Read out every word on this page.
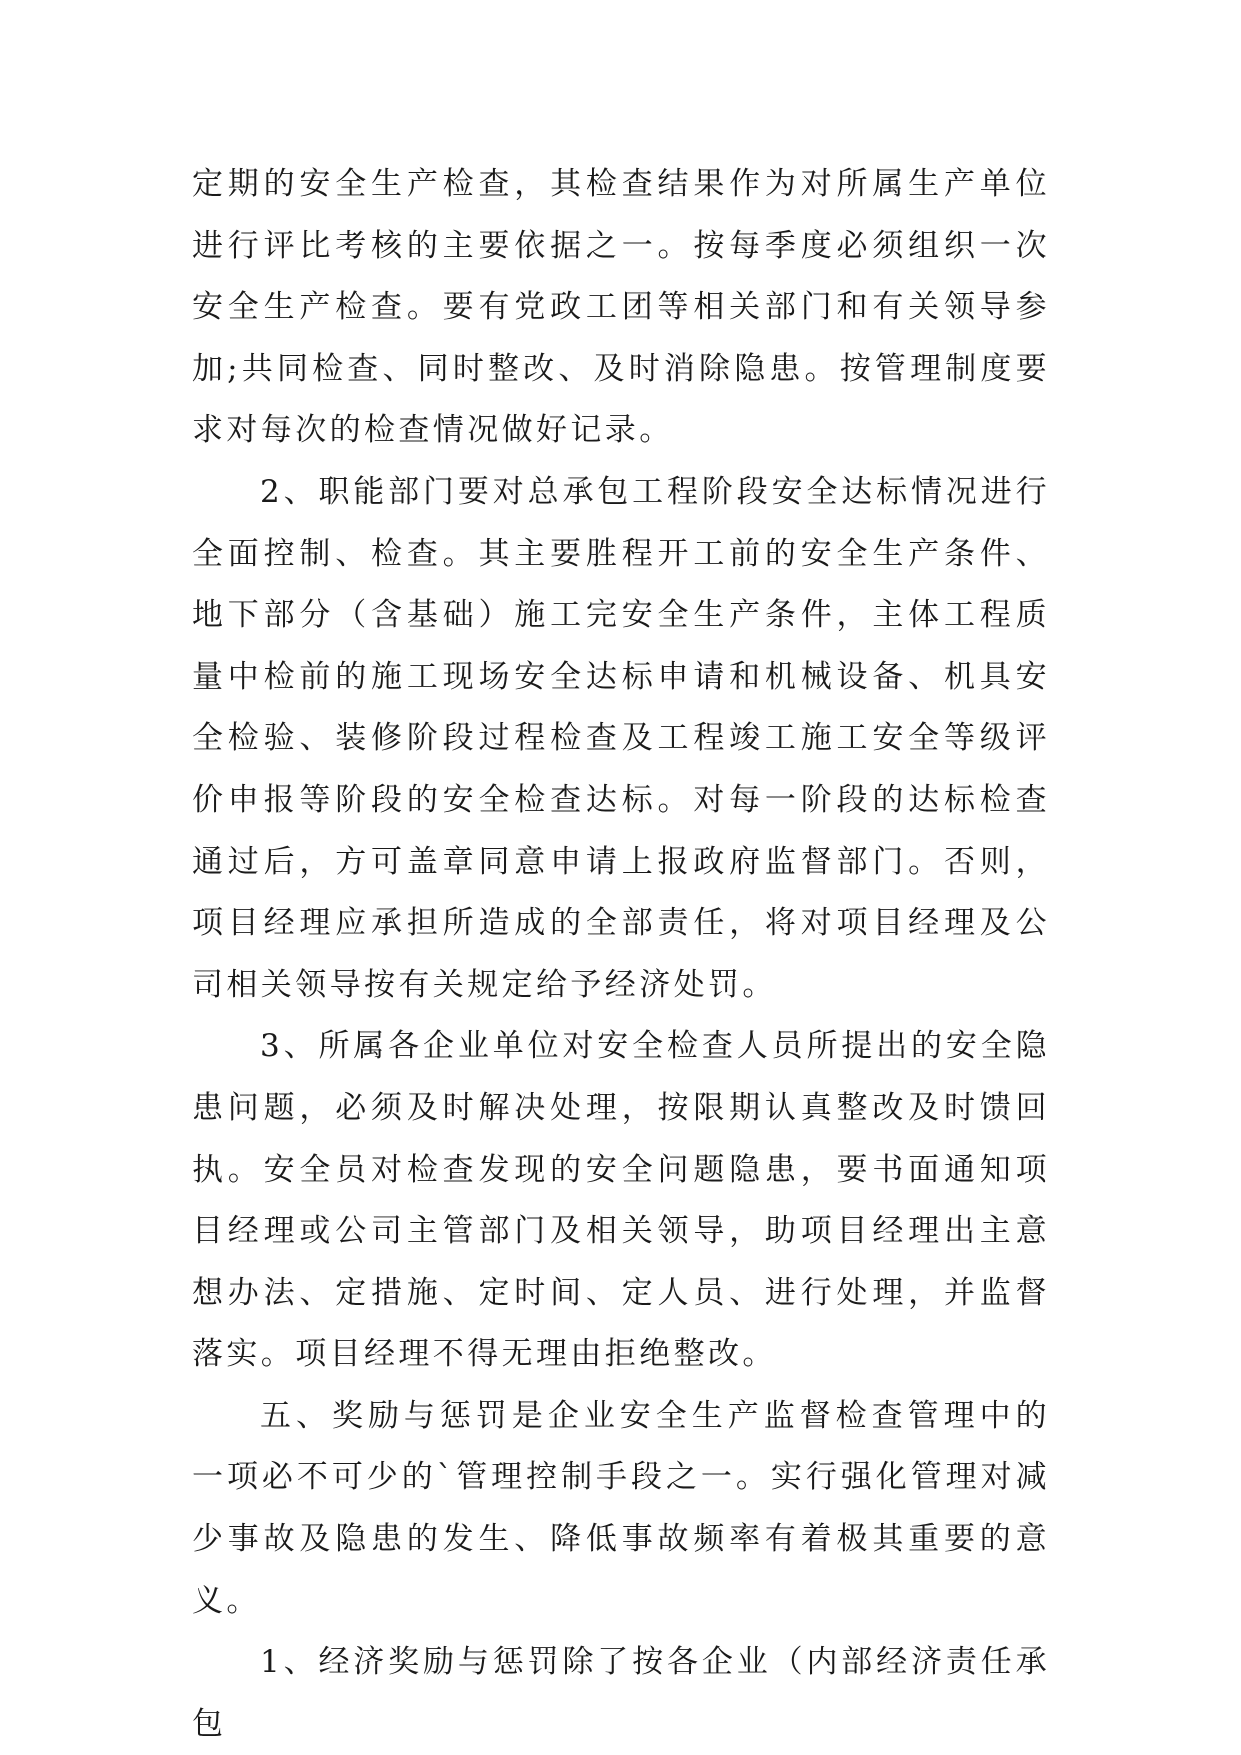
定期的安全生产检查，其检查结果作为对所属生产单位进行评比考核的主要依据之一。按每季度必须组织一次安全生产检查。要有党政工团等相关部门和有关领导参加;共同检查、同时整改、及时消除隐患。按管理制度要求对每次的检查情况做好记录。

2、职能部门要对总承包工程阶段安全达标情况进行全面控制、检查。其主要胜程开工前的安全生产条件、地下部分（含基础）施工完安全生产条件，主体工程质量中检前的施工现场安全达标申请和机械设备、机具安全检验、装修阶段过程检查及工程竣工施工安全等级评价申报等阶段的安全检查达标。对每一阶段的达标检查通过后，方可盖章同意申请上报政府监督部门。否则，项目经理应承担所造成的全部责任，将对项目经理及公司相关领导按有关规定给予经济处罚。

3、所属各企业单位对安全检查人员所提出的安全隐患问题，必须及时解决处理，按限期认真整改及时馈回执。安全员对检查发现的安全问题隐患，要书面通知项目经理或公司主管部门及相关领导，助项目经理出主意想办法、定措施、定时间、定人员、进行处理，并监督落实。项目经理不得无理由拒绝整改。

五、奖励与惩罚是企业安全生产监督检查管理中的一项必不可少的`管理控制手段之一。实行强化管理对减少事故及隐患的发生、降低事故频率有着极其重要的意义。

1、经济奖励与惩罚除了按各企业（内部经济责任承包
